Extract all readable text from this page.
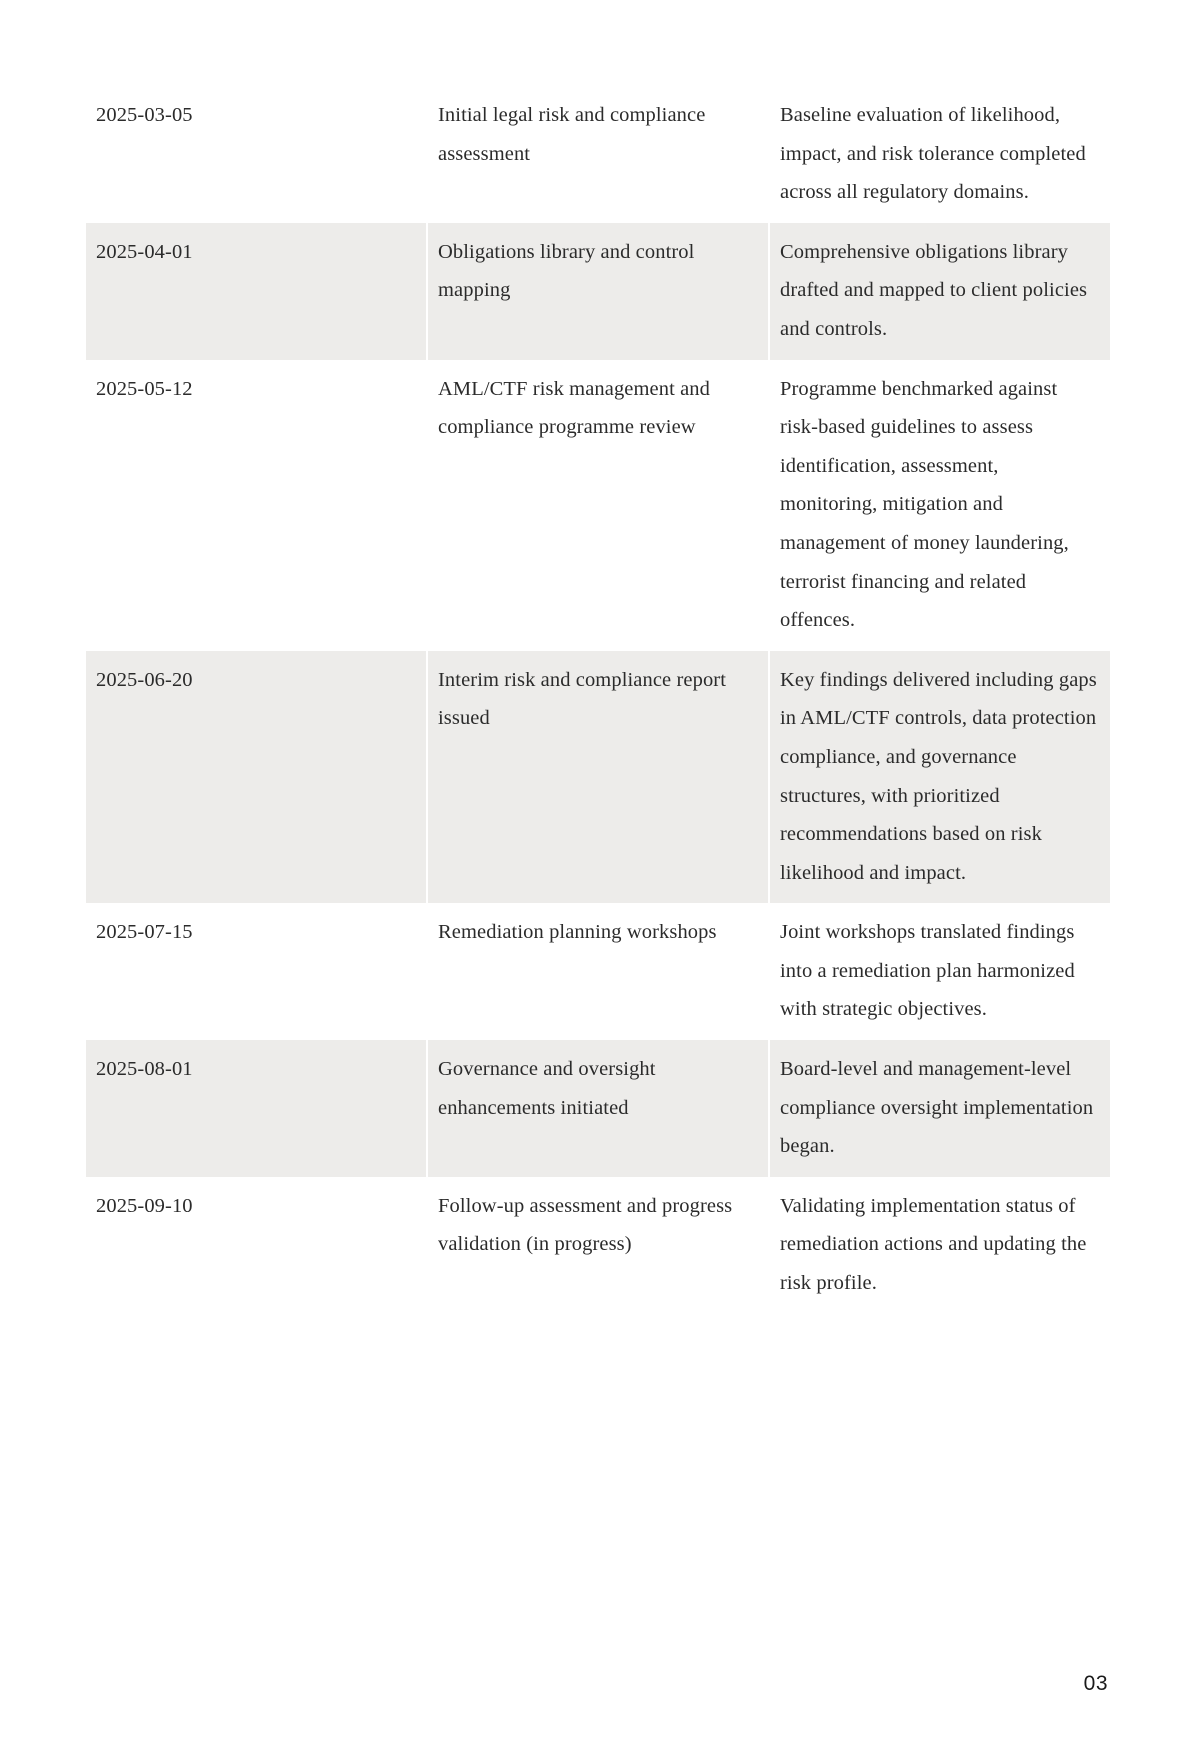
2025-03-05	Initial legal risk and compliance assessment	Baseline evaluation of likelihood, impact, and risk tolerance completed across all regulatory domains.
2025-04-01	Obligations library and control mapping	Comprehensive obligations library drafted and mapped to client policies and controls.
2025-05-12	AML/CTF risk management and compliance programme review	Programme benchmarked against risk-based guidelines to assess identification, assessment, monitoring, mitigation and management of money laundering, terrorist financing and related offences.
2025-06-20	Interim risk and compliance report issued	Key findings delivered including gaps in AML/CTF controls, data protection compliance, and governance structures, with prioritized recommendations based on risk likelihood and impact.
2025-07-15	Remediation planning workshops	Joint workshops translated findings into a remediation plan harmonized with strategic objectives.
2025-08-01	Governance and oversight enhancements initiated	Board-level and management-level compliance oversight implementation began.
2025-09-10	Follow-up assessment and progress validation (in progress)	Validating implementation status of remediation actions and updating the risk profile.
03
